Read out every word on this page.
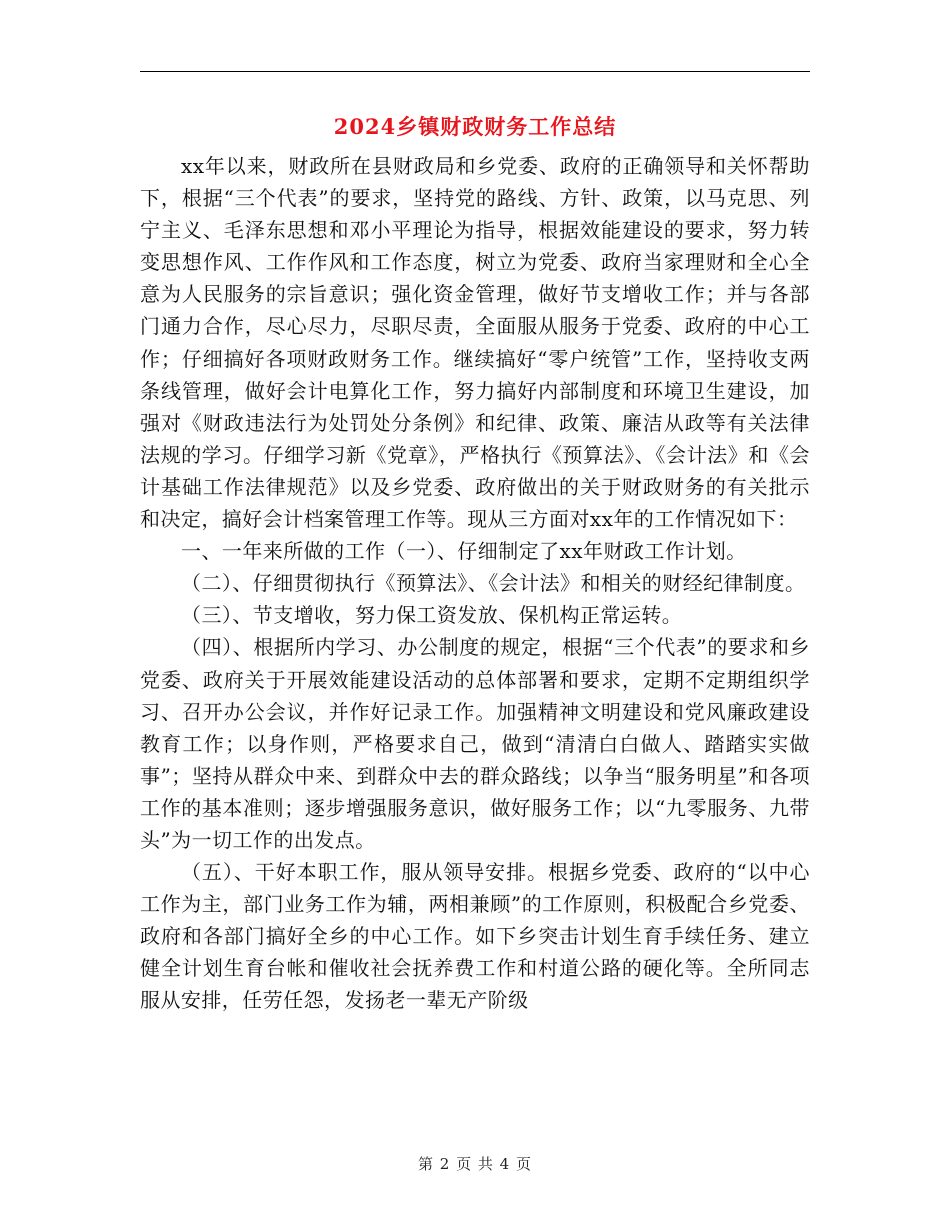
2024乡镇财政财务工作总结

xx年以来，财政所在县财政局和乡党委、政府的正确领导和关怀帮助下，根据“三个代表”的要求，坚持党的路线、方针、政策，以马克思、列宁主义、毛泽东思想和邓小平理论为指导，根据效能建设的要求，努力转变思想作风、工作作风和工作态度，树立为党委、政府当家理财和全心全意为人民服务的宗旨意识；强化资金管理，做好节支增收工作；并与各部门通力合作，尽心尽力，尽职尽责，全面服从服务于党委、政府的中心工作；仔细搞好各项财政财务工作。继续搞好“零户统管”工作，坚持收支两条线管理，做好会计电算化工作，努力搞好内部制度和环境卫生建设，加强对《财政违法行为处罚处分条例》和纪律、政策、廉洁从政等有关法律法规的学习。仔细学习新《党章》，严格执行《预算法》、《会计法》和《会计基础工作法律规范》以及乡党委、政府做出的关于财政财务的有关批示和决定，搞好会计档案管理工作等。现从三方面对xx年的工作情况如下：

一、一年来所做的工作（一）、仔细制定了xx年财政工作计划。

（二）、仔细贯彻执行《预算法》、《会计法》和相关的财经纪律制度。

（三）、节支增收，努力保工资发放、保机构正常运转。

（四）、根据所内学习、办公制度的规定，根据“三个代表”的要求和乡党委、政府关于开展效能建设活动的总体部署和要求，定期不定期组织学习、召开办公会议，并作好记录工作。加强精神文明建设和党风廉政建设教育工作；以身作则，严格要求自己，做到“清清白白做人、踏踏实实做事”；坚持从群众中来、到群众中去的群众路线；以争当“服务明星”和各项工作的基本准则；逐步增强服务意识，做好服务工作；以“九零服务、九带头”为一切工作的出发点。

（五）、干好本职工作，服从领导安排。根据乡党委、政府的“以中心工作为主，部门业务工作为辅，两相兼顾”的工作原则，积极配合乡党委、政府和各部门搞好全乡的中心工作。如下乡突击计划生育手续任务、建立健全计划生育台帐和催收社会抚养费工作和村道公路的硬化等。全所同志服从安排，任劳任怨，发扬老一辈无产阶级

第 2 页 共 4 页
